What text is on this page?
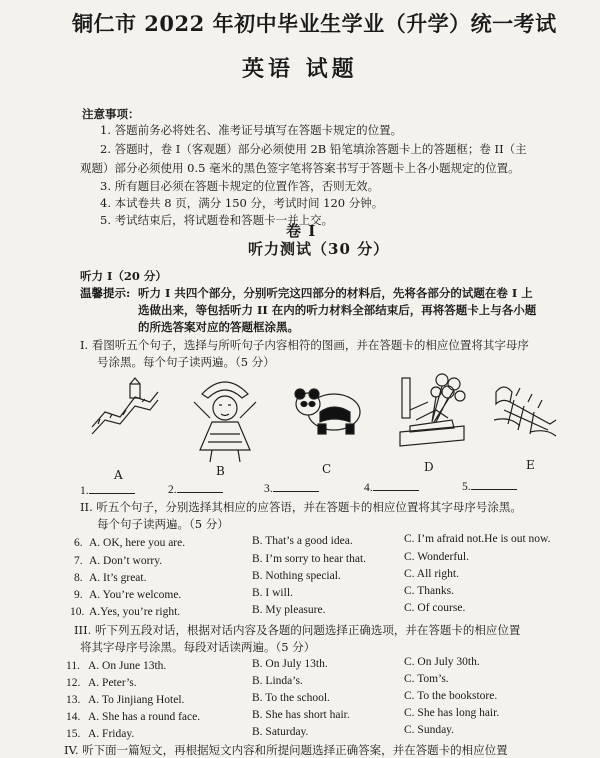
铜仁市 2022 年初中毕业生学业（升学）统一考试
英语 试题
注意事项：
1. 答题前务必将姓名、准考证号填写在答题卡规定的位置。
2. 答题时，卷 I（客观题）部分必须使用 2B 铅笔填涂答题卡上的答题框；卷 II（主
观题）部分必须使用 0.5 毫米的黑色签字笔将答案书写于答题卡上各小题规定的位置。
3. 所有题目必须在答题卡规定的位置作答，否则无效。
4. 本试卷共 8 页，满分 150 分，考试时间 120 分钟。
5. 考试结束后，将试题卷和答题卡一并上交。
卷 I
听力测试（30 分）
听力 I（20 分）
温馨提示: 听力 I 共四个部分，分别听完这四部分的材料后，先将各部分的试题在卷 I 上
选做出来，等包括听力 II 在内的听力材料全部结束后，再将答题卡上与各小题
的所选答案对应的答题框涂黑。
I. 看图听五个句子，选择与所听句子内容相符的图画，并在答题卡的相应位置将其字母序
号涂黑。每个句子读两遍。（5 分）
A	B	C	D	E
1.	2.	3.	4.	5.
II. 听五个句子，分别选择其相应的应答语，并在答题卡的相应位置将其字母序号涂黑。
每个句子读两遍。（5 分）
6. A. OK, here you are.	B. That’s a good idea.	C. I’m afraid not.He is out now.
7. A. Don’t worry.	B. I’m sorry to hear that.	C. Wonderful.
8. A. It’s great.	B. Nothing special.	C. All right.
9. A. You’re welcome.	B. I will.	C. Thanks.
10. A.Yes, you’re right.	B. My pleasure.	C. Of course.
III. 听下列五段对话，根据对话内容及各题的问题选择正确选项，并在答题卡的相应位置
将其字母序号涂黑。每段对话读两遍。（5 分）
11. A. On June 13th.	B. On July 13th.	C. On July 30th.
12. A. Peter’s.	B. Linda’s.	C. Tom’s.
13. A. To Jinjiang Hotel.	B. To the school.	C. To the bookstore.
14. A. She has a round face.	B. She has short hair.	C. She has long hair.
15. A. Friday.	B. Saturday.	C. Sunday.
IV. 听下面一篇短文，再根据短文内容和所提问题选择正确答案，并在答题卡的相应位置
